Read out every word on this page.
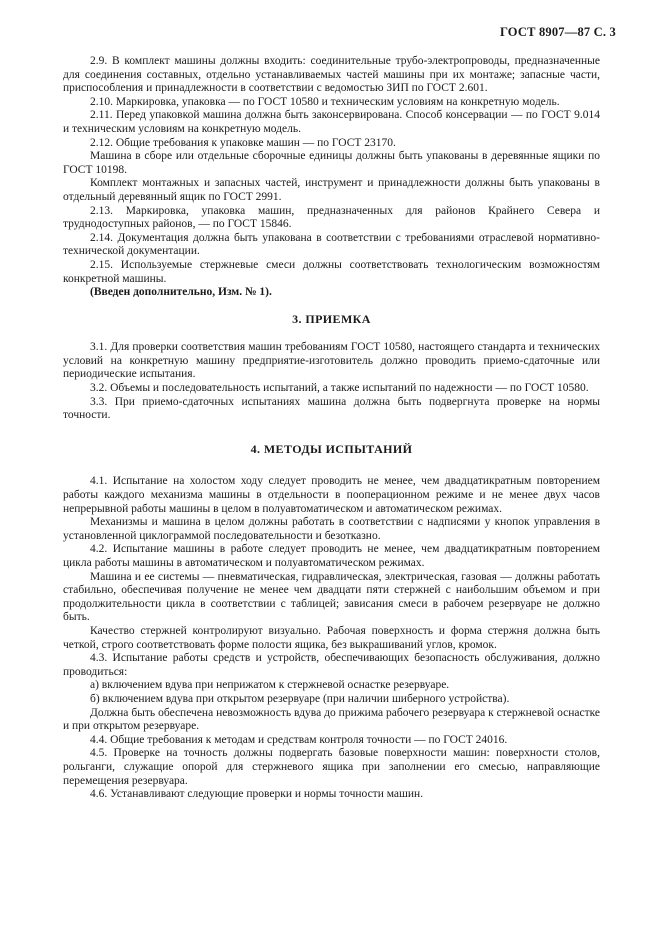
ГОСТ 8907—87 С. 3

2.9. В комплект машины должны входить: соединительные трубо-электропроводы, предназначенные для соединения составных, отдельно устанавливаемых частей машины при их монтаже; запасные части, приспособления и принадлежности в соответствии с ведомостью ЗИП по ГОСТ 2.601.

2.10. Маркировка, упаковка — по ГОСТ 10580 и техническим условиям на конкретную модель.

2.11. Перед упаковкой машина должна быть законсервирована. Способ консервации — по ГОСТ 9.014 и техническим условиям на конкретную модель.

2.12. Общие требования к упаковке машин — по ГОСТ 23170.

Машина в сборе или отдельные сборочные единицы должны быть упакованы в деревянные ящики по ГОСТ 10198.

Комплект монтажных и запасных частей, инструмент и принадлежности должны быть упакованы в отдельный деревянный ящик по ГОСТ 2991.

2.13. Маркировка, упаковка машин, предназначенных для районов Крайнего Севера и труднодоступных районов, — по ГОСТ 15846.

2.14. Документация должна быть упакована в соответствии с требованиями отраслевой нормативно-технической документации.

2.15. Используемые стержневые смеси должны соответствовать технологическим возможностям конкретной машины.

(Введен дополнительно, Изм. № 1).

3. ПРИЕМКА

3.1. Для проверки соответствия машин требованиям ГОСТ 10580, настоящего стандарта и технических условий на конкретную машину предприятие-изготовитель должно проводить приемо-сдаточные или периодические испытания.

3.2. Объемы и последовательность испытаний, а также испытаний по надежности — по ГОСТ 10580.

3.3. При приемо-сдаточных испытаниях машина должна быть подвергнута проверке на нормы точности.

4. МЕТОДЫ ИСПЫТАНИЙ

4.1. Испытание на холостом ходу следует проводить не менее, чем двадцатикратным повторением работы каждого механизма машины в отдельности в пооперационном режиме и не менее двух часов непрерывной работы машины в целом в полуавтоматическом и автоматическом режимах.

Механизмы и машина в целом должны работать в соответствии с надписями у кнопок управления в установленной циклограммой последовательности и безотказно.

4.2. Испытание машины в работе следует проводить не менее, чем двадцатикратным повторением цикла работы машины в автоматическом и полуавтоматическом режимах.

Машина и ее системы — пневматическая, гидравлическая, электрическая, газовая — должны работать стабильно, обеспечивая получение не менее чем двадцати пяти стержней с наибольшим объемом и при продолжительности цикла в соответствии с таблицей; зависания смеси в рабочем резервуаре не должно быть.

Качество стержней контролируют визуально. Рабочая поверхность и форма стержня должна быть четкой, строго соответствовать форме полости ящика, без выкрашиваний углов, кромок.

4.3. Испытание работы средств и устройств, обеспечивающих безопасность обслуживания, должно проводиться:

а) включением вдува при неприжатом к стержневой оснастке резервуаре.

б) включением вдува при открытом резервуаре (при наличии шиберного устройства).

Должна быть обеспечена невозможность вдува до прижима рабочего резервуара к стержневой оснастке и при открытом резервуаре.

4.4. Общие требования к методам и средствам контроля точности — по ГОСТ 24016.

4.5. Проверке на точность должны подвергать базовые поверхности машин: поверхности столов, рольганги, служащие опорой для стержневого ящика при заполнении его смесью, направляющие перемещения резервуара.

4.6. Устанавливают следующие проверки и нормы точности машин.
